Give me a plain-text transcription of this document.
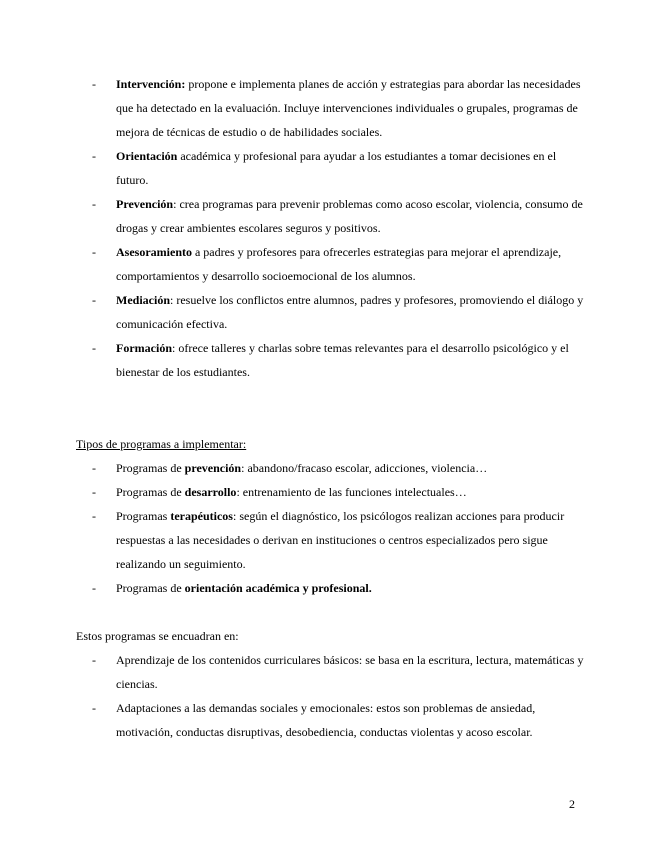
- Intervención: propone e implementa planes de acción y estrategias para abordar las necesidades que ha detectado en la evaluación. Incluye intervenciones individuales o grupales, programas de mejora de técnicas de estudio o de habilidades sociales.
- Orientación académica y profesional para ayudar a los estudiantes a tomar decisiones en el futuro.
- Prevención: crea programas para prevenir problemas como acoso escolar, violencia, consumo de drogas y crear ambientes escolares seguros y positivos.
- Asesoramiento a padres y profesores para ofrecerles estrategias para mejorar el aprendizaje, comportamientos y desarrollo socioemocional de los alumnos.
- Mediación: resuelve los conflictos entre alumnos, padres y profesores, promoviendo el diálogo y comunicación efectiva.
- Formación: ofrece talleres y charlas sobre temas relevantes para el desarrollo psicológico y el bienestar de los estudiantes.
Tipos de programas a implementar:
- Programas de prevención: abandono/fracaso escolar, adicciones, violencia…
- Programas de desarrollo: entrenamiento de las funciones intelectuales…
- Programas terapéuticos: según el diagnóstico, los psicólogos realizan acciones para producir respuestas a las necesidades o derivan en instituciones o centros especializados pero sigue realizando un seguimiento.
- Programas de orientación académica y profesional.
Estos programas se encuadran en:
- Aprendizaje de los contenidos curriculares básicos: se basa en la escritura, lectura, matemáticas y ciencias.
- Adaptaciones a las demandas sociales y emocionales: estos son problemas de ansiedad, motivación, conductas disruptivas, desobediencia, conductas violentas y acoso escolar.
2
